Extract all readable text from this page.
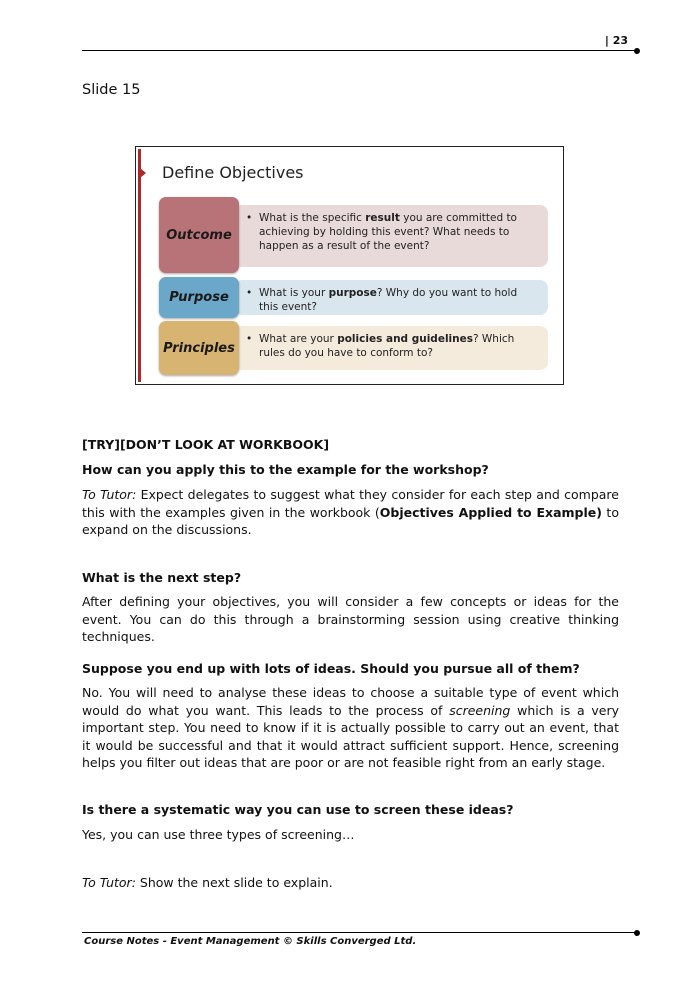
| 23
Slide 15
Define Objectives
• What is the specific result you are committed to achieving by holding this event? What needs to happen as a result of the event?
Outcome
• What is your purpose? Why do you want to hold this event?
Purpose
• What are your policies and guidelines? Which rules do you have to conform to?
Principles
[TRY][DON’T LOOK AT WORKBOOK]
How can you apply this to the example for the workshop?

To Tutor: Expect delegates to suggest what they consider for each step and compare this with the examples given in the workbook (Objectives Applied to Example) to expand on the discussions.

What is the next step?

After defining your objectives, you will consider a few concepts or ideas for the event. You can do this through a brainstorming session using creative thinking techniques.

Suppose you end up with lots of ideas. Should you pursue all of them?

No. You will need to analyse these ideas to choose a suitable type of event which would do what you want. This leads to the process of screening which is a very important step. You need to know if it is actually possible to carry out an event, that it would be successful and that it would attract sufficient support. Hence, screening helps you filter out ideas that are poor or are not feasible right from an early stage.

Is there a systematic way you can use to screen these ideas?
Yes, you can use three types of screening…

To Tutor: Show the next slide to explain.

Course Notes - Event Management © Skills Converged Ltd.
